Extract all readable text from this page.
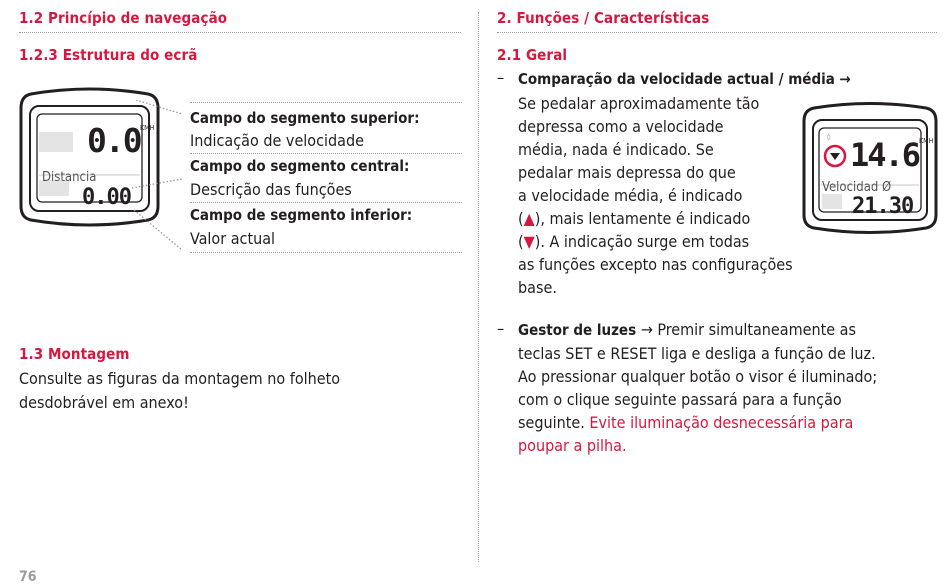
1.2 Princípio de navegação
1.2.3 Estrutura do ecrã
0.0 KMH
Distancia
0.00
Campo do segmento superior:
Indicação de velocidade
Campo do segmento central:
Descrição das funções
Campo de segmento inferior:
Valor actual
1.3 Montagem
Consulte as figuras da montagem no folheto
desdobrável em anexo!
76
2. Funções / Características
2.1 Geral
– Comparação da velocidade actual / média →
Se pedalar aproximadamente tão
depressa como a velocidade
média, nada é indicado. Se
pedalar mais depressa do que
a velocidade média, é indicado
(▲), mais lentamente é indicado
(▼). A indicação surge em todas
as funções excepto nas configurações
base.
◊ 14.6 KMH
Velocidad Ø
21.30
– Gestor de luzes → Premir simultaneamente as
teclas SET e RESET liga e desliga a função de luz.
Ao pressionar qualquer botão o visor é iluminado;
com o clique seguinte passará para a função
seguinte. Evite iluminação desnecessária para
poupar a pilha.
